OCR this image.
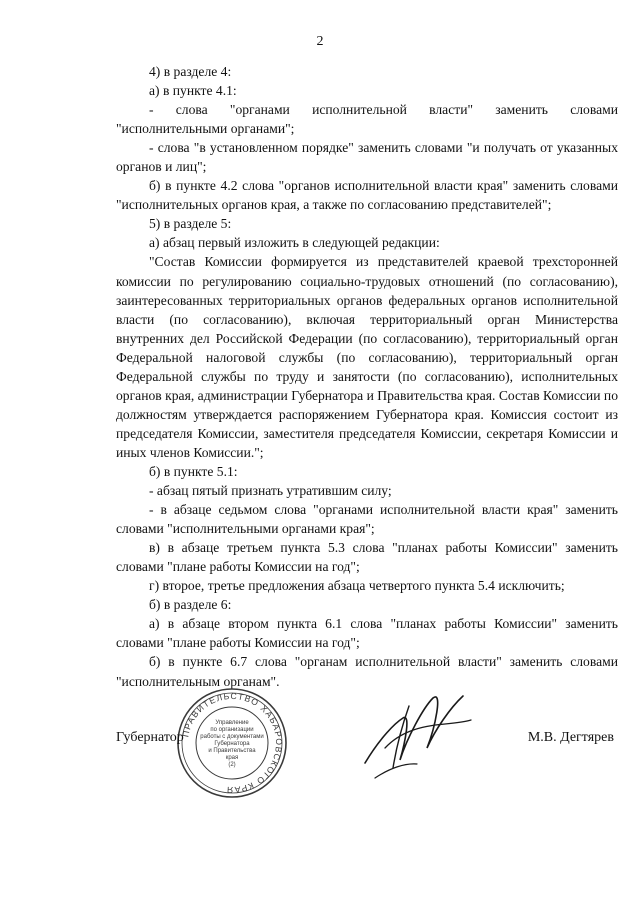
2

4) в разделе 4:

а) в пункте 4.1:

- слова "органами исполнительной власти" заменить словами "исполнительными органами";

- слова "в установленном порядке" заменить словами "и получать от указанных органов и лиц";

б) в пункте 4.2 слова "органов исполнительной власти края" заменить словами "исполнительных органов края, а также по согласованию представителей";

5) в разделе 5:

а) абзац первый изложить в следующей редакции:

"Состав Комиссии формируется из представителей краевой трехсторонней комиссии по регулированию социально-трудовых отношений (по согласованию), заинтересованных территориальных органов федеральных органов исполнительной власти (по согласованию), включая территориальный орган Министерства внутренних дел Российской Федерации (по согласованию), территориальный орган Федеральной налоговой службы (по согласованию), территориальный орган Федеральной службы по труду и занятости (по согласованию), исполнительных органов края, администрации Губернатора и Правительства края. Состав Комиссии по должностям утверждается распоряжением Губернатора края. Комиссия состоит из председателя Комиссии, заместителя председателя Комиссии, секретаря Комиссии и иных членов Комиссии.";

б) в пункте 5.1:

- абзац пятый признать утратившим силу;

- в абзаце седьмом слова "органами исполнительной власти края" заменить словами "исполнительными органами края";

в) в абзаце третьем пункта 5.3 слова "планах работы Комиссии" заменить словами "плане работы Комиссии на год";

г) второе, третье предложения абзаца четвертого пункта 5.4 исключить;

б) в разделе 6:

а) в абзаце втором пункта 6.1 слова "планах работы Комиссии" заменить словами "плане работы Комиссии на год";

б) в пункте 6.7 слова "органам исполнительной власти" заменить словами "исполнительным органам".

ПРАВИТЕЛЬСТВО ХАБАРОВСКОГО КРАЯ
Управление
по организации
работы с документами
Губернатора
и Правительства
края
(2)
Губернатор	М.В. Дегтярев
